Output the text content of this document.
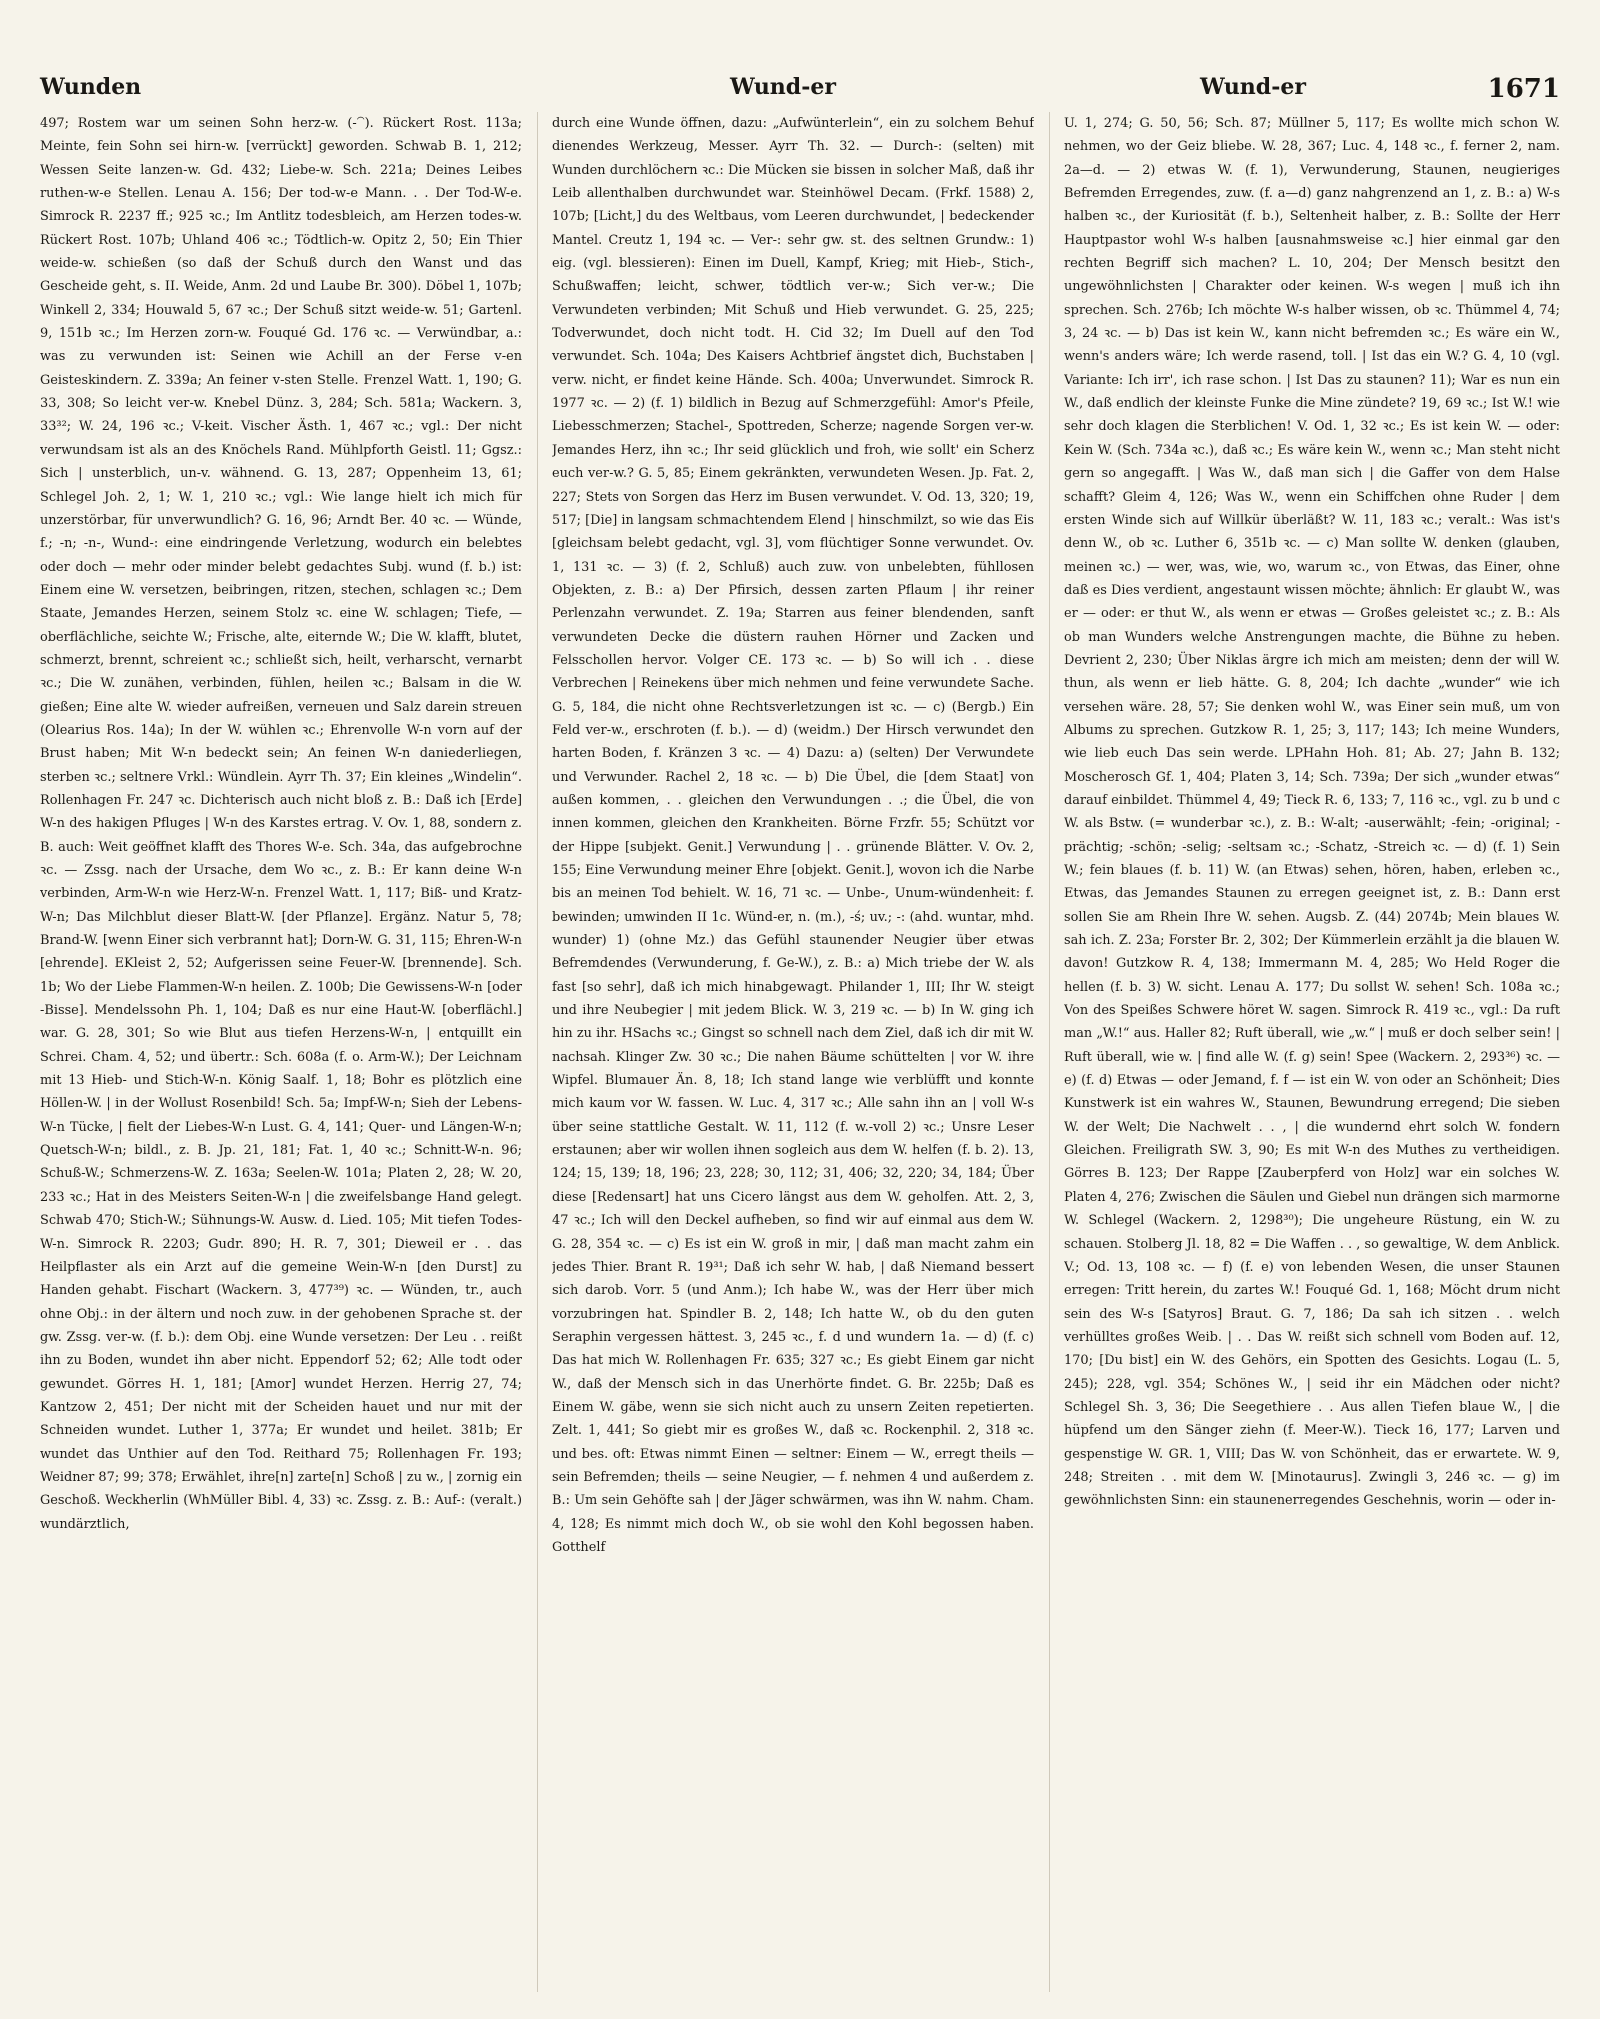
Wunden	Wund-er	Wund-er	1671

497; Rostem war um seinen Sohn herz-w. (-⁀). Rückert Rost. 113a; Meinte, fein Sohn sei hirn-w. [verrückt] geworden. Schwab B. 1, 212; Wessen Seite lanzen-w. Gd. 432; Liebe-w. Sch. 221a; Deines Leibes ruthen-w-e Stellen. Lenau A. 156; Der tod-w-e Mann. . . Der Tod-W-e. Simrock R. 2237 ff.; 925 ꝛc.; Im Antlitz todesbleich, am Herzen todes-w. Rückert Rost. 107b; Uhland 406 ꝛc.; Tödtlich-w. Opitz 2, 50; Ein Thier weide-w. schießen (so daß der Schuß durch den Wanst und das Gescheide geht, s. II. Weide, Anm. 2d und Laube Br. 300). Döbel 1, 107b; Winkell 2, 334; Houwald 5, 67 ꝛc.; Der Schuß sitzt weide-w. 51; Gartenl. 9, 151b ꝛc.; Im Herzen zorn-w. Fouqué Gd. 176 ꝛc. — Verwündbar, a.: was zu verwunden ist: Seinen wie Achill an der Ferse v-en Geisteskindern. Z. 339a; An feiner v-sten Stelle. Frenzel Watt. 1, 190; G. 33, 308; So leicht ver-w. Knebel Dünz. 3, 284; Sch. 581a; Wackern. 3, 33³²; W. 24, 196 ꝛc.; V-keit. Vischer Ästh. 1, 467 ꝛc.; vgl.: Der nicht verwundsam ist als an des Knöchels Rand. Mühlpforth Geistl. 11; Ggsz.: Sich | unsterblich, un-v. wähnend. G. 13, 287; Oppenheim 13, 61; Schlegel Joh. 2, 1; W. 1, 210 ꝛc.; vgl.: Wie lange hielt ich mich für unzerstörbar, für unverwundlich? G. 16, 96; Arndt Ber. 40 ꝛc. — Wünde, f.; -n; -n-, Wund-: eine eindringende Verletzung, wodurch ein belebtes oder doch — mehr oder minder belebt gedachtes Subj. wund (f. b.) ist: Einem eine W. versetzen, beibringen, ritzen, stechen, schlagen ꝛc.; Dem Staate, Jemandes Herzen, seinem Stolz ꝛc. eine W. schlagen; Tiefe, — oberflächliche, seichte W.; Frische, alte, eiternde W.; Die W. klafft, blutet, schmerzt, brennt, schreient ꝛc.; schließt sich, heilt, verharscht, vernarbt ꝛc.; Die W. zunähen, verbinden, fühlen, heilen ꝛc.; Balsam in die W. gießen; Eine alte W. wieder aufreißen, verneuen und Salz darein streuen (Olearius Ros. 14a); In der W. wühlen ꝛc.; Ehrenvolle W-n vorn auf der Brust haben; Mit W-n bedeckt sein; An feinen W-n daniederliegen, sterben ꝛc.; seltnere Vrkl.: Wündlein. Ayrr Th. 37; Ein kleines „Windelin“. Rollenhagen Fr. 247 ꝛc. Dichterisch auch nicht bloß z. B.: Daß ich [Erde] W-n des hakigen Pfluges | W-n des Karstes ertrag. V. Ov. 1, 88, sondern z. B. auch: Weit geöffnet klafft des Thores W-e. Sch. 34a, das aufgebrochne ꝛc. — Zssg. nach der Ursache, dem Wo ꝛc., z. B.: Er kann deine W-n verbinden, Arm-W-n wie Herz-W-n. Frenzel Watt. 1, 117; Biß- und Kratz-W-n; Das Milchblut dieser Blatt-W. [der Pflanze]. Ergänz. Natur 5, 78; Brand-W. [wenn Einer sich verbrannt hat]; Dorn-W. G. 31, 115; Ehren-W-n [ehrende]. EKleist 2, 52; Aufgerissen seine Feuer-W. [brennende]. Sch. 1b; Wo der Liebe Flammen-W-n heilen. Z. 100b; Die Gewissens-W-n [oder -Bisse]. Mendelssohn Ph. 1, 104; Daß es nur eine Haut-W. [oberflächl.] war. G. 28, 301; So wie Blut aus tiefen Herzens-W-n, | entquillt ein Schrei. Cham. 4, 52; und übertr.: Sch. 608a (f. o. Arm-W.); Der Leichnam mit 13 Hieb- und Stich-W-n. König Saalf. 1, 18; Bohr es plötzlich eine Höllen-W. | in der Wollust Rosenbild! Sch. 5a; Impf-W-n; Sieh der Lebens-W-n Tücke, | fielt der Liebes-W-n Lust. G. 4, 141; Quer- und Längen-W-n; Quetsch-W-n; bildl., z. B. Jp. 21, 181; Fat. 1, 40 ꝛc.; Schnitt-W-n. 96; Schuß-W.; Schmerzens-W. Z. 163a; Seelen-W. 101a; Platen 2, 28; W. 20, 233 ꝛc.; Hat in des Meisters Seiten-W-n | die zweifelsbange Hand gelegt. Schwab 470; Stich-W.; Sühnungs-W. Ausw. d. Lied. 105; Mit tiefen Todes-W-n. Simrock R. 2203; Gudr. 890; H. R. 7, 301; Dieweil er . . das Heilpflaster als ein Arzt auf die gemeine Wein-W-n [den Durst] zu Handen gehabt. Fischart (Wackern. 3, 477³⁹) ꝛc. — Wünden, tr., auch ohne Obj.: in der ältern und noch zuw. in der gehobenen Sprache st. der gw. Zssg. ver-w. (f. b.): dem Obj. eine Wunde versetzen: Der Leu . . reißt ihn zu Boden, wundet ihn aber nicht. Eppendorf 52; 62; Alle todt oder gewundet. Görres H. 1, 181; [Amor] wundet Herzen. Herrig 27, 74; Kantzow 2, 451; Der nicht mit der Scheiden hauet und nur mit der Schneiden wundet. Luther 1, 377a; Er wundet und heilet. 381b; Er wundet das Unthier auf den Tod. Reithard 75; Rollenhagen Fr. 193; Weidner 87; 99; 378; Erwählet, ihre[n] zarte[n] Schoß | zu w., | zornig ein Geschoß. Weckherlin (WhMüller Bibl. 4, 33) ꝛc. Zssg. z. B.: Auf-: (veralt.) wundärztlich,

durch eine Wunde öffnen, dazu: „Aufwünterlein“, ein zu solchem Behuf dienendes Werkzeug, Messer. Ayrr Th. 32. — Durch-: (selten) mit Wunden durchlöchern ꝛc.: Die Mücken sie bissen in solcher Maß, daß ihr Leib allenthalben durchwundet war. Steinhöwel Decam. (Frkf. 1588) 2, 107b; [Licht,] du des Weltbaus, vom Leeren durchwundet, | bedeckender Mantel. Creutz 1, 194 ꝛc. — Ver-: sehr gw. st. des seltnen Grundw.: 1) eig. (vgl. blessieren): Einen im Duell, Kampf, Krieg; mit Hieb-, Stich-, Schußwaffen; leicht, schwer, tödtlich ver-w.; Sich ver-w.; Die Verwundeten verbinden; Mit Schuß und Hieb verwundet. G. 25, 225; Todverwundet, doch nicht todt. H. Cid 32; Im Duell auf den Tod verwundet. Sch. 104a; Des Kaisers Achtbrief ängstet dich, Buchstaben | verw. nicht, er findet keine Hände. Sch. 400a; Unverwundet. Simrock R. 1977 ꝛc. — 2) (f. 1) bildlich in Bezug auf Schmerzgefühl: Amor's Pfeile, Liebesschmerzen; Stachel-, Spottreden, Scherze; nagende Sorgen ver-w. Jemandes Herz, ihn ꝛc.; Ihr seid glücklich und froh, wie sollt' ein Scherz euch ver-w.? G. 5, 85; Einem gekränkten, verwundeten Wesen. Jp. Fat. 2, 227; Stets von Sorgen das Herz im Busen verwundet. V. Od. 13, 320; 19, 517; [Die] in langsam schmachtendem Elend | hinschmilzt, so wie das Eis [gleichsam belebt gedacht, vgl. 3], vom flüchtiger Sonne verwundet. Ov. 1, 131 ꝛc. — 3) (f. 2, Schluß) auch zuw. von unbelebten, fühllosen Objekten, z. B.: a) Der Pfirsich, dessen zarten Pflaum | ihr reiner Perlenzahn verwundet. Z. 19a; Starren aus feiner blendenden, sanft verwundeten Decke die düstern rauhen Hörner und Zacken und Felsschollen hervor. Volger CE. 173 ꝛc. — b) So will ich . . diese Verbrechen | Reinekens über mich nehmen und feine verwundete Sache. G. 5, 184, die nicht ohne Rechtsverletzungen ist ꝛc. — c) (Bergb.) Ein Feld ver-w., erschroten (f. b.). — d) (weidm.) Der Hirsch verwundet den harten Boden, f. Kränzen 3 ꝛc. — 4) Dazu: a) (selten) Der Verwundete und Verwunder. Rachel 2, 18 ꝛc. — b) Die Übel, die [dem Staat] von außen kommen, . . gleichen den Verwundungen . .; die Übel, die von innen kommen, gleichen den Krankheiten. Börne Frzfr. 55; Schützt vor der Hippe [subjekt. Genit.] Verwundung | . . grünende Blätter. V. Ov. 2, 155; Eine Verwundung meiner Ehre [objekt. Genit.], wovon ich die Narbe bis an meinen Tod behielt. W. 16, 71 ꝛc. — Unbe-, Unum-wündenheit: f. bewinden; umwinden II 1c. Wünd-er, n. (m.), -ś; uv.; -: (ahd. wuntar, mhd. wunder) 1) (ohne Mz.) das Gefühl staunender Neugier über etwas Befremdendes (Verwunderung, f. Ge-W.), z. B.: a) Mich triebe der W. als fast [so sehr], daß ich mich hinabgewagt. Philander 1, III; Ihr W. steigt und ihre Neubegier | mit jedem Blick. W. 3, 219 ꝛc. — b) In W. ging ich hin zu ihr. HSachs ꝛc.; Gingst so schnell nach dem Ziel, daß ich dir mit W. nachsah. Klinger Zw. 30 ꝛc.; Die nahen Bäume schüttelten | vor W. ihre Wipfel. Blumauer Än. 8, 18; Ich stand lange wie verblüfft und konnte mich kaum vor W. fassen. W. Luc. 4, 317 ꝛc.; Alle sahn ihn an | voll W-s über seine stattliche Gestalt. W. 11, 112 (f. w.-voll 2) ꝛc.; Unsre Leser erstaunen; aber wir wollen ihnen sogleich aus dem W. helfen (f. b. 2). 13, 124; 15, 139; 18, 196; 23, 228; 30, 112; 31, 406; 32, 220; 34, 184; Über diese [Redensart] hat uns Cicero längst aus dem W. geholfen. Att. 2, 3, 47 ꝛc.; Ich will den Deckel aufheben, so find wir auf einmal aus dem W. G. 28, 354 ꝛc. — c) Es ist ein W. groß in mir, | daß man macht zahm ein jedes Thier. Brant R. 19³¹; Daß ich sehr W. hab, | daß Niemand bessert sich darob. Vorr. 5 (und Anm.); Ich habe W., was der Herr über mich vorzubringen hat. Spindler B. 2, 148; Ich hatte W., ob du den guten Seraphin vergessen hättest. 3, 245 ꝛc., f. d und wundern 1a. — d) (f. c) Das hat mich W. Rollenhagen Fr. 635; 327 ꝛc.; Es giebt Einem gar nicht W., daß der Mensch sich in das Unerhörte findet. G. Br. 225b; Daß es Einem W. gäbe, wenn sie sich nicht auch zu unsern Zeiten repetierten. Zelt. 1, 441; So giebt mir es großes W., daß ꝛc. Rockenphil. 2, 318 ꝛc. und bes. oft: Etwas nimmt Einen — seltner: Einem — W., erregt theils — sein Befremden; theils — seine Neugier, — f. nehmen 4 und außerdem z. B.: Um sein Gehöfte sah | der Jäger schwärmen, was ihn W. nahm. Cham. 4, 128; Es nimmt mich doch W., ob sie wohl den Kohl begossen haben. Gotthelf

U. 1, 274; G. 50, 56; Sch. 87; Müllner 5, 117; Es wollte mich schon W. nehmen, wo der Geiz bliebe. W. 28, 367; Luc. 4, 148 ꝛc., f. ferner 2, nam. 2a—d. — 2) etwas W. (f. 1), Verwunderung, Staunen, neugieriges Befremden Erregendes, zuw. (f. a—d) ganz nahgrenzend an 1, z. B.: a) W-s halben ꝛc., der Kuriosität (f. b.), Seltenheit halber, z. B.: Sollte der Herr Hauptpastor wohl W-s halben [ausnahmsweise ꝛc.] hier einmal gar den rechten Begriff sich machen? L. 10, 204; Der Mensch besitzt den ungewöhnlichsten | Charakter oder keinen. W-s wegen | muß ich ihn sprechen. Sch. 276b; Ich möchte W-s halber wissen, ob ꝛc. Thümmel 4, 74; 3, 24 ꝛc. — b) Das ist kein W., kann nicht befremden ꝛc.; Es wäre ein W., wenn's anders wäre; Ich werde rasend, toll. | Ist das ein W.? G. 4, 10 (vgl. Variante: Ich irr', ich rase schon. | Ist Das zu staunen? 11); War es nun ein W., daß endlich der kleinste Funke die Mine zündete? 19, 69 ꝛc.; Ist W.! wie sehr doch klagen die Sterblichen! V. Od. 1, 32 ꝛc.; Es ist kein W. — oder: Kein W. (Sch. 734a ꝛc.), daß ꝛc.; Es wäre kein W., wenn ꝛc.; Man steht nicht gern so angegafft. | Was W., daß man sich | die Gaffer von dem Halse schafft? Gleim 4, 126; Was W., wenn ein Schiffchen ohne Ruder | dem ersten Winde sich auf Willkür überläßt? W. 11, 183 ꝛc.; veralt.: Was ist's denn W., ob ꝛc. Luther 6, 351b ꝛc. — c) Man sollte W. denken (glauben, meinen ꝛc.) — wer, was, wie, wo, warum ꝛc., von Etwas, das Einer, ohne daß es Dies verdient, angestaunt wissen möchte; ähnlich: Er glaubt W., was er — oder: er thut W., als wenn er etwas — Großes geleistet ꝛc.; z. B.: Als ob man Wunders welche Anstrengungen machte, die Bühne zu heben. Devrient 2, 230; Über Niklas ärgre ich mich am meisten; denn der will W. thun, als wenn er lieb hätte. G. 8, 204; Ich dachte „wunder“ wie ich versehen wäre. 28, 57; Sie denken wohl W., was Einer sein muß, um von Albums zu sprechen. Gutzkow R. 1, 25; 3, 117; 143; Ich meine Wunders, wie lieb euch Das sein werde. LPHahn Hoh. 81; Ab. 27; Jahn B. 132; Moscherosch Gf. 1, 404; Platen 3, 14; Sch. 739a; Der sich „wunder etwas“ darauf einbildet. Thümmel 4, 49; Tieck R. 6, 133; 7, 116 ꝛc., vgl. zu b und c W. als Bstw. (= wunderbar ꝛc.), z. B.: W-alt; -auserwählt; -fein; -original; -prächtig; -schön; -selig; -seltsam ꝛc.; -Schatz, -Streich ꝛc. — d) (f. 1) Sein W.; fein blaues (f. b. 11) W. (an Etwas) sehen, hören, haben, erleben ꝛc., Etwas, das Jemandes Staunen zu erregen geeignet ist, z. B.: Dann erst sollen Sie am Rhein Ihre W. sehen. Augsb. Z. (44) 2074b; Mein blaues W. sah ich. Z. 23a; Forster Br. 2, 302; Der Kümmerlein erzählt ja die blauen W. davon! Gutzkow R. 4, 138; Immermann M. 4, 285; Wo Held Roger die hellen (f. b. 3) W. sicht. Lenau A. 177; Du sollst W. sehen! Sch. 108a ꝛc.; Von des Speißes Schwere höret W. sagen. Simrock R. 419 ꝛc., vgl.: Da ruft man „W.!“ aus. Haller 82; Ruft überall, wie „w.“ | muß er doch selber sein! | Ruft überall, wie w. | find alle W. (f. g) sein! Spee (Wackern. 2, 293³⁶) ꝛc. — e) (f. d) Etwas — oder Jemand, f. f — ist ein W. von oder an Schönheit; Dies Kunstwerk ist ein wahres W., Staunen, Bewundrung erregend; Die sieben W. der Welt; Die Nachwelt . . , | die wundernd ehrt solch W. fondern Gleichen. Freiligrath SW. 3, 90; Es mit W-n des Muthes zu vertheidigen. Görres B. 123; Der Rappe [Zauberpferd von Holz] war ein solches W. Platen 4, 276; Zwischen die Säulen und Giebel nun drängen sich marmorne W. Schlegel (Wackern. 2, 1298³⁰); Die ungeheure Rüstung, ein W. zu schauen. Stolberg Jl. 18, 82 = Die Waffen . . , so gewaltige, W. dem Anblick. V.; Od. 13, 108 ꝛc. — f) (f. e) von lebenden Wesen, die unser Staunen erregen: Tritt herein, du zartes W.! Fouqué Gd. 1, 168; Möcht drum nicht sein des W-s [Satyros] Braut. G. 7, 186; Da sah ich sitzen . . welch verhülltes großes Weib. | . . Das W. reißt sich schnell vom Boden auf. 12, 170; [Du bist] ein W. des Gehörs, ein Spotten des Gesichts. Logau (L. 5, 245); 228, vgl. 354; Schönes W., | seid ihr ein Mädchen oder nicht? Schlegel Sh. 3, 36; Die Seegethiere . . Aus allen Tiefen blaue W., | die hüpfend um den Sänger ziehn (f. Meer-W.). Tieck 16, 177; Larven und gespenstige W. GR. 1, VIII; Das W. von Schönheit, das er erwartete. W. 9, 248; Streiten . . mit dem W. [Minotaurus]. Zwingli 3, 246 ꝛc. — g) im gewöhnlichsten Sinn: ein staunenerregendes Geschehnis, worin — oder in-
